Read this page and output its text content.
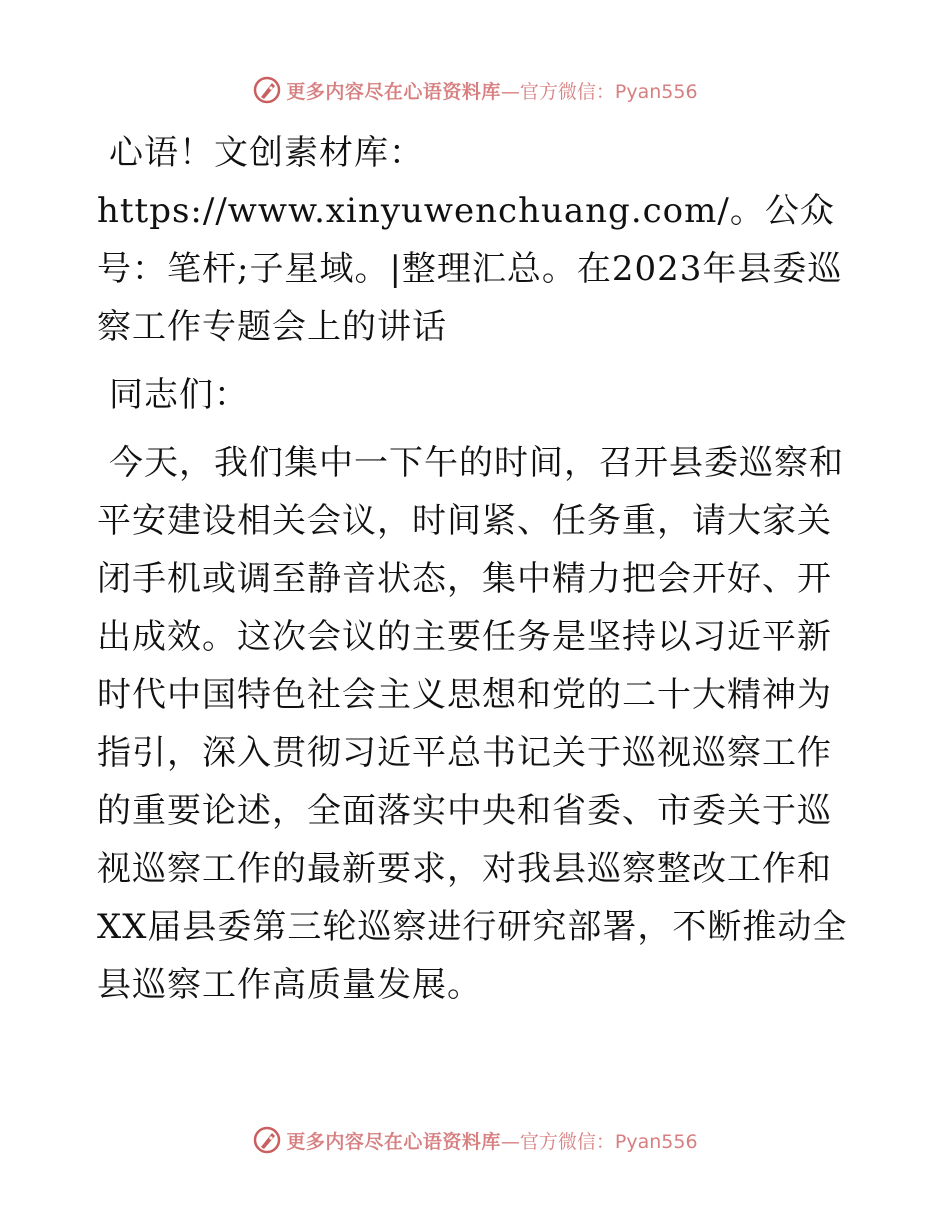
更多内容尽在心语资料库 —官方微信：Pyan556

心语！文创素材库：https://www.xinyuwenchuang.com/。公众号：笔杆;子星域。|整理汇总。在2023年县委巡察工作专题会上的讲话

同志们：

今天，我们集中一下午的时间，召开县委巡察和平安建设相关会议，时间紧、任务重，请大家关闭手机或调至静音状态，集中精力把会开好、开出成效。这次会议的主要任务是坚持以习近平新时代中国特色社会主义思想和党的二十大精神为指引，深入贯彻习近平总书记关于巡视巡察工作的重要论述，全面落实中央和省委、市委关于巡视巡察工作的最新要求，对我县巡察整改工作和XX届县委第三轮巡察进行研究部署，不断推动全县巡察工作高质量发展。

更多内容尽在心语资料库 —官方微信：Pyan556
